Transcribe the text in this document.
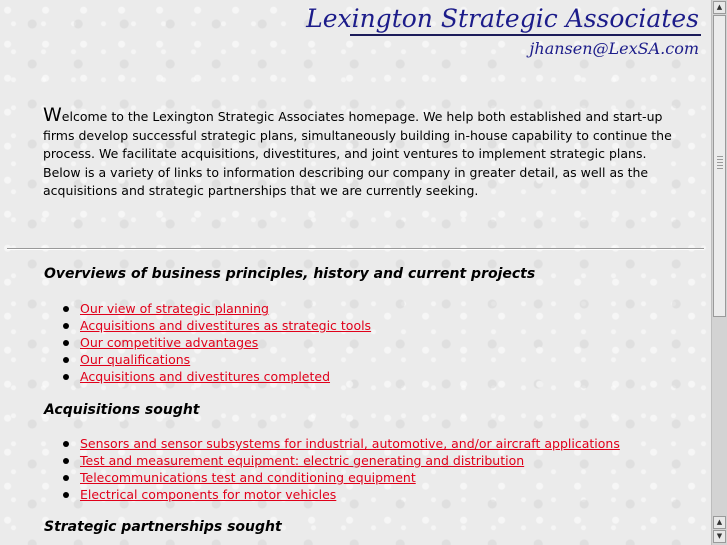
Lexington Strategic Associates
jhansen@LexSA.com

Welcome to the Lexington Strategic Associates homepage. We help both established and start-up firms develop successful strategic plans, simultaneously building in-house capability to continue the process. We facilitate acquisitions, divestitures, and joint ventures to implement strategic plans. Below is a variety of links to information describing our company in greater detail, as well as the acquisitions and strategic partnerships that we are currently seeking.

Overviews of business principles, history and current projects
Our view of strategic planning
Acquisitions and divestitures as strategic tools
Our competitive advantages
Our qualifications
Acquisitions and divestitures completed
Acquisitions sought
Sensors and sensor subsystems for industrial, automotive, and/or aircraft applications
Test and measurement equipment: electric generating and distribution
Telecommunications test and conditioning equipment
Electrical components for motor vehicles
Strategic partnerships sought
▲
▲
▼
